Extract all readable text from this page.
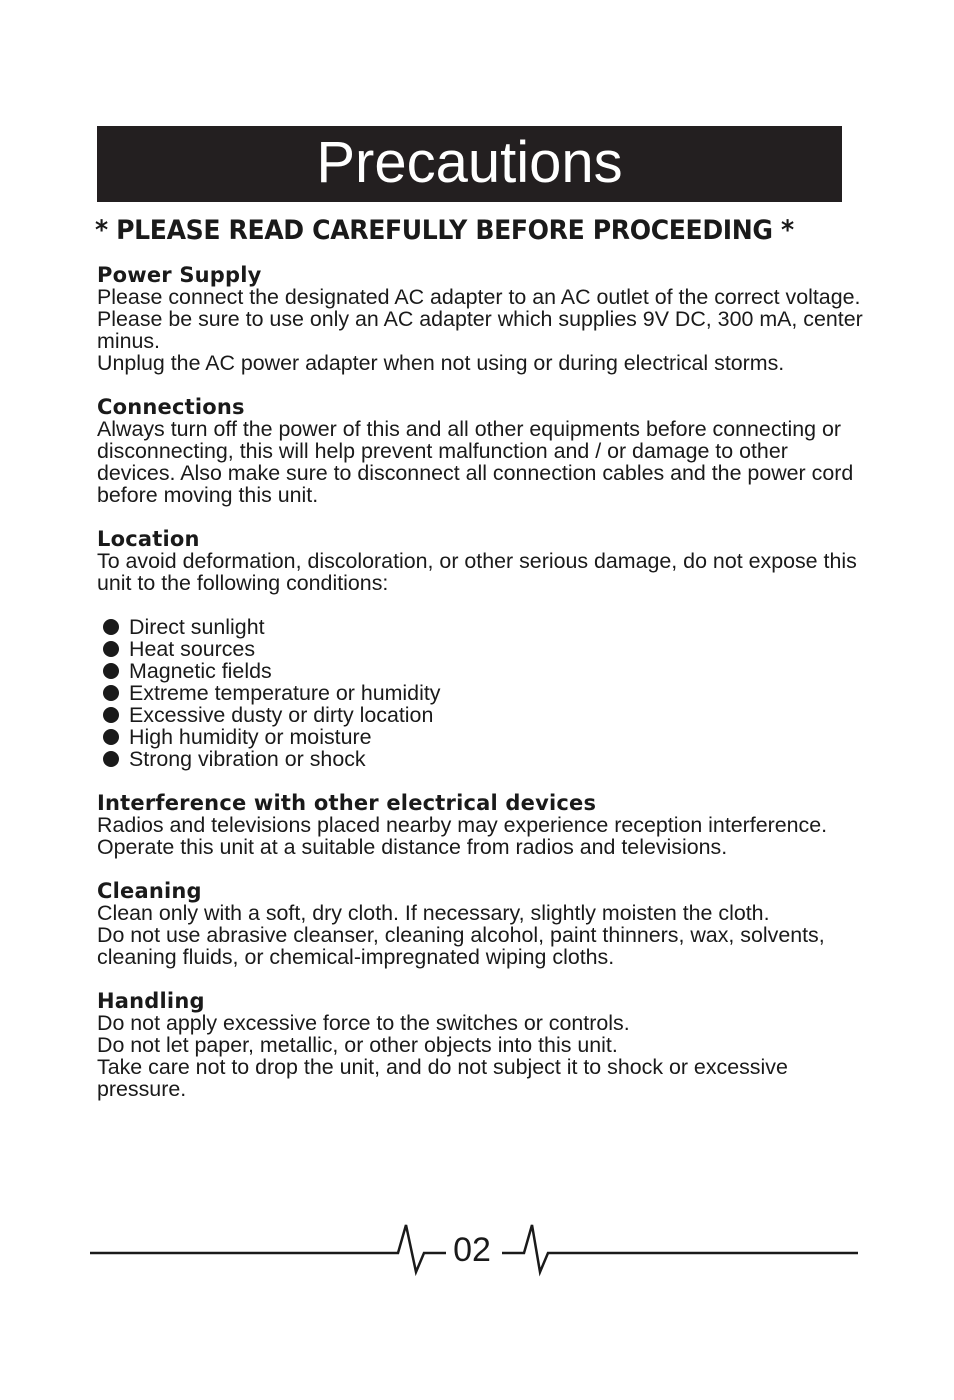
Precautions
* PLEASE READ CAREFULLY BEFORE PROCEEDING *
Power Supply

Please connect the designated AC adapter to an AC outlet of the correct voltage.

Please be sure to use only an AC adapter which supplies 9V DC, 300 mA, center minus.

Unplug the AC power adapter when not using or during electrical storms.

Connections

Always turn off the power of this and all other equipments before connecting or disconnecting, this will help prevent malfunction and / or damage to other devices. Also make sure to disconnect all connection cables and the power cord before moving this unit.

Location

To avoid deformation, discoloration, or other serious damage, do not expose this unit to the following conditions:

Direct sunlight
Heat sources
Magnetic fields
Extreme temperature or humidity
Excessive dusty or dirty location
High humidity or moisture
Strong vibration or shock
Interference with other electrical devices

Radios and televisions placed nearby may experience reception interference. Operate this unit at a suitable distance from radios and televisions.

Cleaning

Clean only with a soft, dry cloth. If necessary, slightly moisten the cloth.

Do not use abrasive cleanser, cleaning alcohol, paint thinners, wax, solvents, cleaning fluids, or chemical-impregnated wiping cloths.

Handling

Do not apply excessive force to the switches or controls.

Do not let paper, metallic, or other objects into this unit.

Take care not to drop the unit, and do not subject it to shock or excessive pressure.

02
